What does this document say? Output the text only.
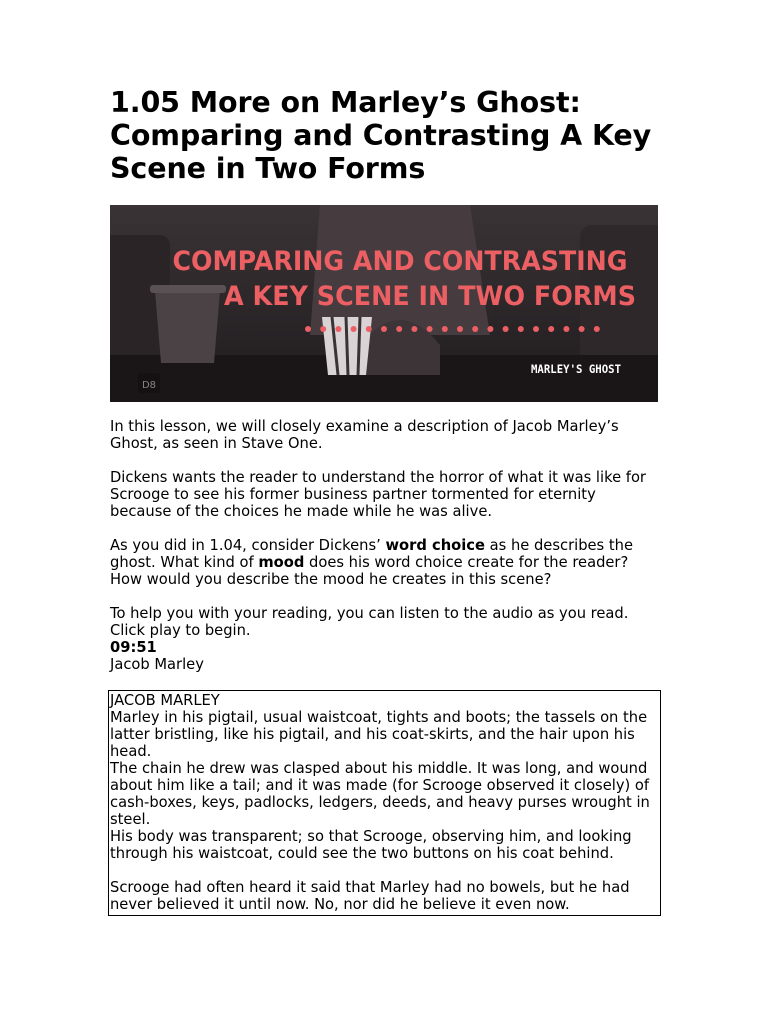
1.05 More on Marley’s Ghost: Comparing and Contrasting A Key Scene in Two Forms
D8
COMPARING AND CONTRASTING
A KEY SCENE IN TWO FORMS
MARLEY'S GHOST

In this lesson, we will closely examine a description of Jacob Marley’s Ghost, as seen in Stave One.

Dickens wants the reader to understand the horror of what it was like for Scrooge to see his former business partner tormented for eternity because of the choices he made while he was alive.

As you did in 1.04, consider Dickens’ word choice as he describes the ghost. What kind of mood does his word choice create for the reader? How would you describe the mood he creates in this scene?

To help you with your reading, you can listen to the audio as you read. Click play to begin.

09:51
Jacob Marley
JACOB MARLEY
Marley in his pigtail, usual waistcoat, tights and boots; the tassels on the latter bristling, like his pigtail, and his coat-skirts, and the hair upon his head.
The chain he drew was clasped about his middle. It was long, and wound about him like a tail; and it was made (for Scrooge observed it closely) of cash-boxes, keys, padlocks, ledgers, deeds, and heavy purses wrought in steel.
His body was transparent; so that Scrooge, observing him, and looking through his waistcoat, could see the two buttons on his coat behind.
Scrooge had often heard it said that Marley had no bowels, but he had never believed it until now. No, nor did he believe it even now.
